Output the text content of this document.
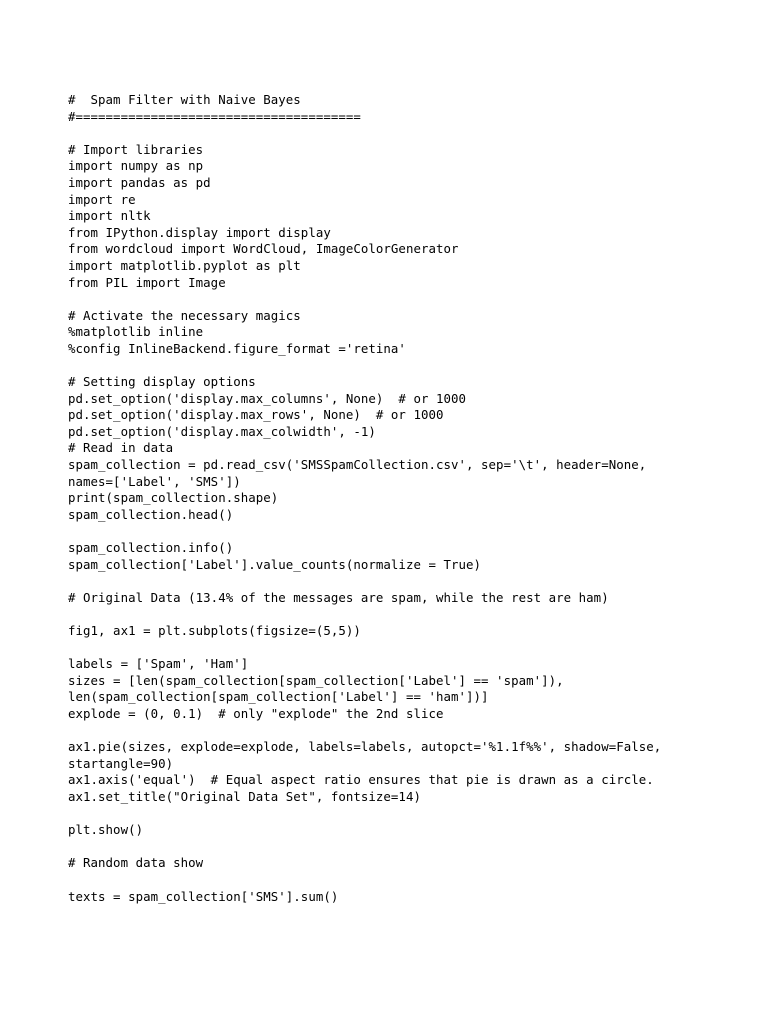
#  Spam Filter with Naive Bayes
#======================================
# Import libraries
import numpy as np
import pandas as pd
import re
import nltk
from IPython.display import display
from wordcloud import WordCloud, ImageColorGenerator
import matplotlib.pyplot as plt
from PIL import Image
# Activate the necessary magics
%matplotlib inline
%config InlineBackend.figure_format ='retina'
# Setting display options
pd.set_option('display.max_columns', None)  # or 1000
pd.set_option('display.max_rows', None)  # or 1000
pd.set_option('display.max_colwidth', -1)
# Read in data
spam_collection = pd.read_csv('SMSSpamCollection.csv', sep='\t', header=None,
names=['Label', 'SMS'])
print(spam_collection.shape)
spam_collection.head()
spam_collection.info()
spam_collection['Label'].value_counts(normalize = True)
# Original Data (13.4% of the messages are spam, while the rest are ham)
fig1, ax1 = plt.subplots(figsize=(5,5))
labels = ['Spam', 'Ham']
sizes = [len(spam_collection[spam_collection['Label'] == 'spam']),
len(spam_collection[spam_collection['Label'] == 'ham'])]
explode = (0, 0.1)  # only "explode" the 2nd slice
ax1.pie(sizes, explode=explode, labels=labels, autopct='%1.1f%%', shadow=False,
startangle=90)
ax1.axis('equal')  # Equal aspect ratio ensures that pie is drawn as a circle.
ax1.set_title("Original Data Set", fontsize=14)
plt.show()
# Random data show
texts = spam_collection['SMS'].sum()
